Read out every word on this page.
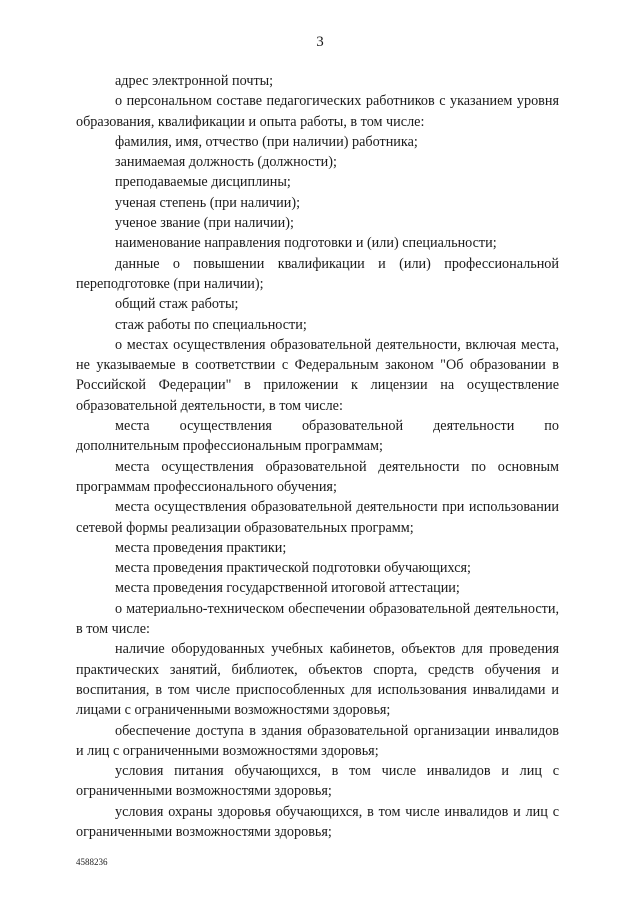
3

адрес электронной почты;

о персональном составе педагогических работников с указанием уровня образования, квалификации и опыта работы, в том числе:

фамилия, имя, отчество (при наличии) работника;

занимаемая должность (должности);

преподаваемые дисциплины;

ученая степень (при наличии);

ученое звание (при наличии);

наименование направления подготовки и (или) специальности;

данные о повышении квалификации и (или) профессиональной переподготовке (при наличии);

общий стаж работы;

стаж работы по специальности;

о местах осуществления образовательной деятельности, включая места, не указываемые в соответствии с Федеральным законом "Об образовании в Российской Федерации" в приложении к лицензии на осуществление образовательной деятельности, в том числе:

места осуществления образовательной деятельности по дополнительным профессиональным программам;

места осуществления образовательной деятельности по основным программам профессионального обучения;

места осуществления образовательной деятельности при использовании сетевой формы реализации образовательных программ;

места проведения практики;

места проведения практической подготовки обучающихся;

места проведения государственной итоговой аттестации;

о материально-техническом обеспечении образовательной деятельности, в том числе:

наличие оборудованных учебных кабинетов, объектов для проведения практических занятий, библиотек, объектов спорта, средств обучения и воспитания, в том числе приспособленных для использования инвалидами и лицами с ограниченными возможностями здоровья;

обеспечение доступа в здания образовательной организации инвалидов и лиц с ограниченными возможностями здоровья;

условия питания обучающихся, в том числе инвалидов и лиц с ограниченными возможностями здоровья;

условия охраны здоровья обучающихся, в том числе инвалидов и лиц с ограниченными возможностями здоровья;

4588236
